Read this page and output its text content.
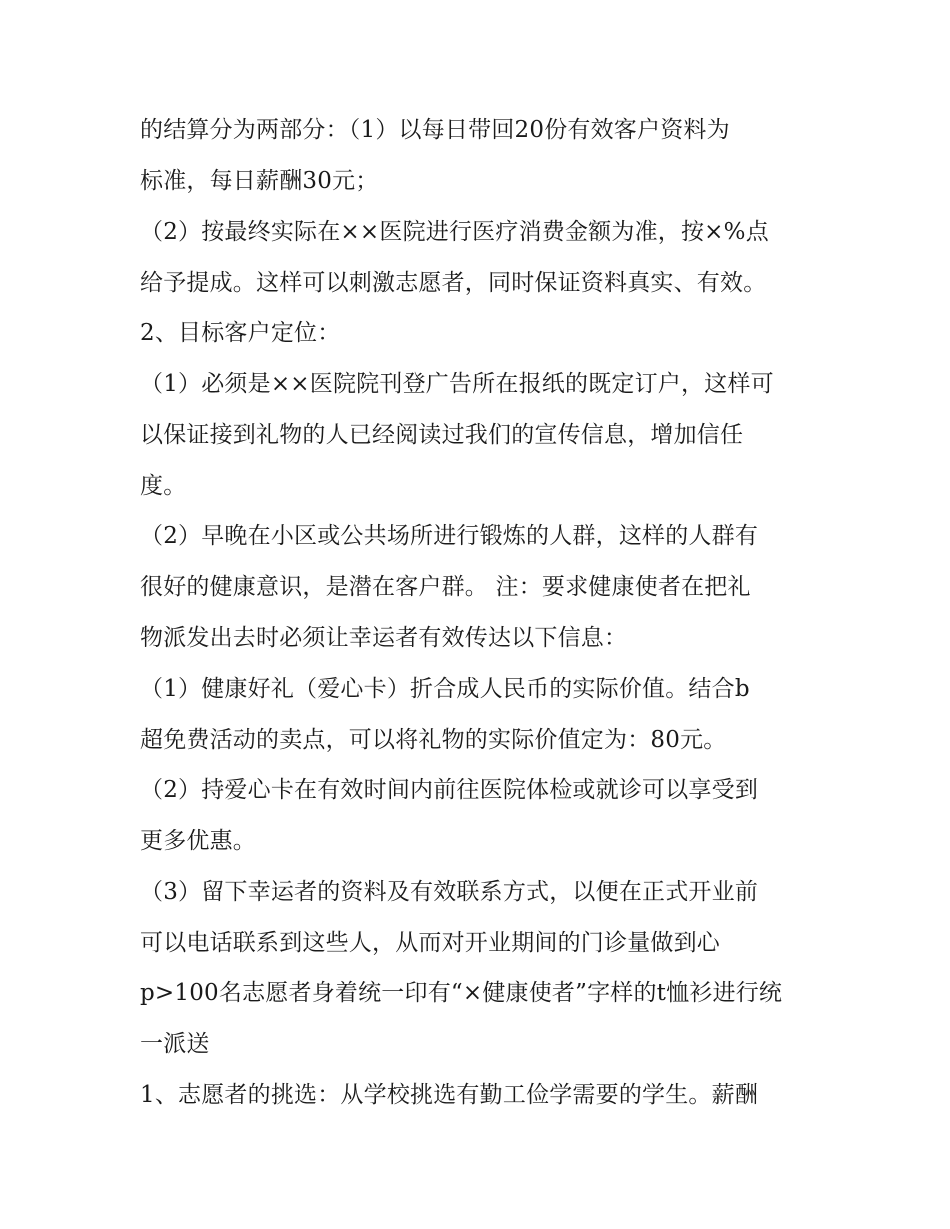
的结算分为两部分：（1）以每日带回20份有效客户资料为
标准，每日薪酬30元；
（2）按最终实际在××医院进行医疗消费金额为准，按×%点
给予提成。这样可以刺激志愿者，同时保证资料真实、有效。
2、目标客户定位：
（1）必须是××医院院刊登广告所在报纸的既定订户，这样可
以保证接到礼物的人已经阅读过我们的宣传信息，增加信任
度。
（2）早晚在小区或公共场所进行锻炼的人群，这样的人群有
很好的健康意识，是潜在客户群。 注：要求健康使者在把礼
物派发出去时必须让幸运者有效传达以下信息：
（1）健康好礼（爱心卡）折合成人民币的实际价值。结合b
超免费活动的卖点，可以将礼物的实际价值定为：80元。
（2）持爱心卡在有效时间内前往医院体检或就诊可以享受到
更多优惠。
（3）留下幸运者的资料及有效联系方式，以便在正式开业前
可以电话联系到这些人，从而对开业期间的门诊量做到心
p>100名志愿者身着统一印有“×健康使者”字样的t恤衫进行统
一派送
1、志愿者的挑选：从学校挑选有勤工俭学需要的学生。薪酬
